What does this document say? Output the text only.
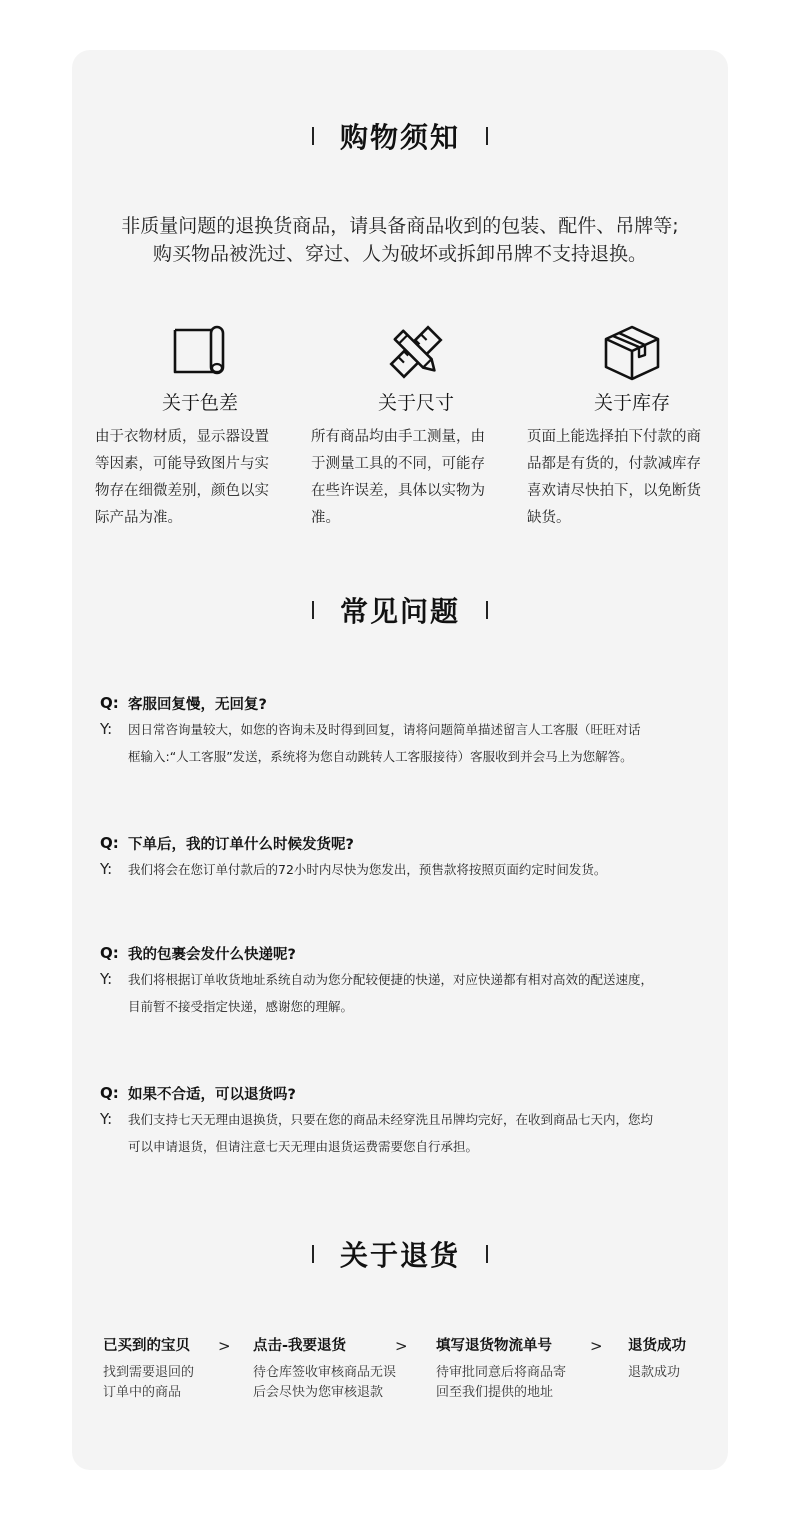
购物须知
非质量问题的退换货商品，请具备商品收到的包装、配件、吊牌等;
购买物品被洗过、穿过、人为破坏或拆卸吊牌不支持退换。
关于色差
由于衣物材质，显示器设置
等因素，可能导致图片与实
物存在细微差别，颜色以实
际产品为准。
关于尺寸
所有商品均由手工测量，由
于测量工具的不同，可能存
在些许误差，具体以实物为
准。
关于库存
页面上能选择拍下付款的商
品都是有货的，付款减库存
喜欢请尽快拍下，以免断货
缺货。
常见问题
Q: 客服回复慢，无回复?
Y:	因日常咨询量较大，如您的咨询未及时得到回复，请将问题简单描述留言人工客服（旺旺对话
框输入:“人工客服”发送，系统将为您自动跳转人工客服接待）客服收到并会马上为您解答。
Q: 下单后，我的订单什么时候发货呢?
Y:	我们将会在您订单付款后的72小时内尽快为您发出，预售款将按照页面约定时间发货。
Q: 我的包裹会发什么快递呢?
Y:	我们将根据订单收货地址系统自动为您分配较便捷的快递，对应快递都有相对高效的配送速度，
目前暂不接受指定快递，感谢您的理解。
Q: 如果不合适，可以退货吗?
Y:	我们支持七天无理由退换货，只要在您的商品未经穿洗且吊牌均完好，在收到商品七天内，您均
可以申请退货，但请注意七天无理由退货运费需要您自行承担。
关于退货
已买到的宝贝
找到需要退回的
订单中的商品
> 点击-我要退货
待仓库签收审核商品无误
后会尽快为您审核退款
> 填写退货物流单号
待审批同意后将商品寄
回至我们提供的地址
> 退货成功
退款成功
